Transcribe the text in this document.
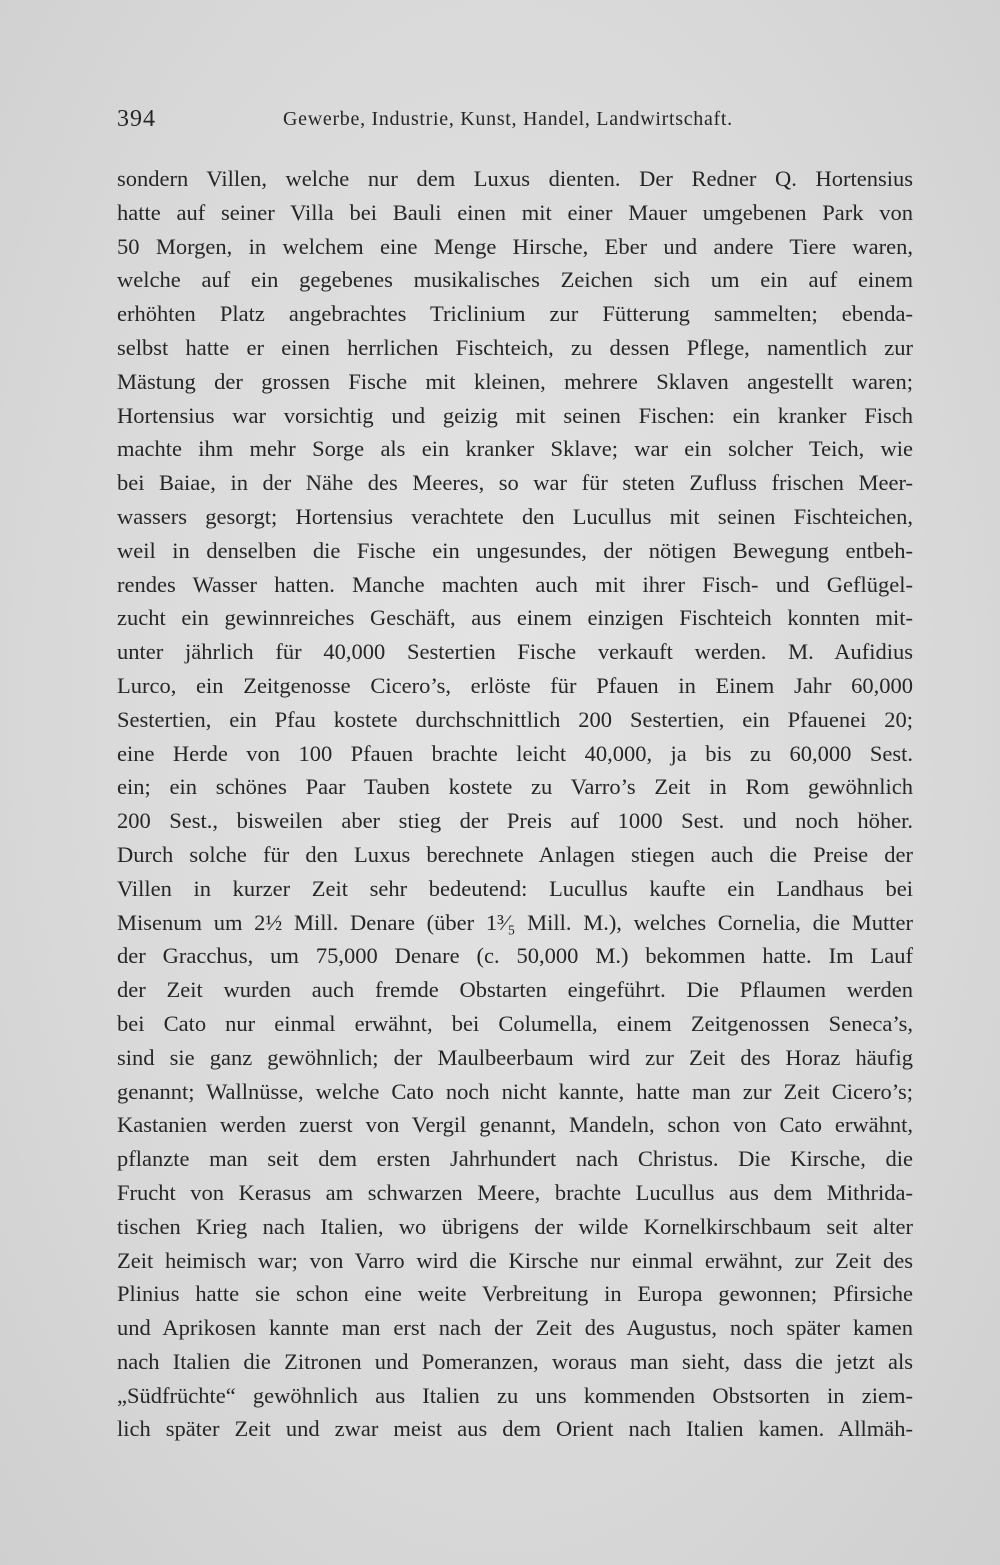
394	Gewerbe, Industrie, Kunst, Handel, Landwirtschaft.
sondern Villen, welche nur dem Luxus dienten. Der Redner Q. Hortensius
hatte auf seiner Villa bei Bauli einen mit einer Mauer umgebenen Park von
50 Morgen, in welchem eine Menge Hirsche, Eber und andere Tiere waren,
welche auf ein gegebenes musikalisches Zeichen sich um ein auf einem
erhöhten Platz angebrachtes Triclinium zur Fütterung sammelten; ebenda-
selbst hatte er einen herrlichen Fischteich, zu dessen Pflege, namentlich zur
Mästung der grossen Fische mit kleinen, mehrere Sklaven angestellt waren;
Hortensius war vorsichtig und geizig mit seinen Fischen: ein kranker Fisch
machte ihm mehr Sorge als ein kranker Sklave; war ein solcher Teich, wie
bei Baiae, in der Nähe des Meeres, so war für steten Zufluss frischen Meer-
wassers gesorgt; Hortensius verachtete den Lucullus mit seinen Fischteichen,
weil in denselben die Fische ein ungesundes, der nötigen Bewegung entbeh-
rendes Wasser hatten. Manche machten auch mit ihrer Fisch- und Geflügel-
zucht ein gewinnreiches Geschäft, aus einem einzigen Fischteich konnten mit-
unter jährlich für 40,000 Sestertien Fische verkauft werden. M. Aufidius
Lurco, ein Zeitgenosse Cicero’s, erlöste für Pfauen in Einem Jahr 60,000
Sestertien, ein Pfau kostete durchschnittlich 200 Sestertien, ein Pfauenei 20;
eine Herde von 100 Pfauen brachte leicht 40,000, ja bis zu 60,000 Sest.
ein; ein schönes Paar Tauben kostete zu Varro’s Zeit in Rom gewöhnlich
200 Sest., bisweilen aber stieg der Preis auf 1000 Sest. und noch höher.
Durch solche für den Luxus berechnete Anlagen stiegen auch die Preise der
Villen in kurzer Zeit sehr bedeutend: Lucullus kaufte ein Landhaus bei
Misenum um 2½ Mill. Denare (über 1³⁄₅ Mill. M.), welches Cornelia, die Mutter
der Gracchus, um 75,000 Denare (c. 50,000 M.) bekommen hatte. Im Lauf
der Zeit wurden auch fremde Obstarten eingeführt. Die Pflaumen werden
bei Cato nur einmal erwähnt, bei Columella, einem Zeitgenossen Seneca’s,
sind sie ganz gewöhnlich; der Maulbeerbaum wird zur Zeit des Horaz häufig
genannt; Wallnüsse, welche Cato noch nicht kannte, hatte man zur Zeit Cicero’s;
Kastanien werden zuerst von Vergil genannt, Mandeln, schon von Cato erwähnt,
pflanzte man seit dem ersten Jahrhundert nach Christus. Die Kirsche, die
Frucht von Kerasus am schwarzen Meere, brachte Lucullus aus dem Mithrida-
tischen Krieg nach Italien, wo übrigens der wilde Kornelkirschbaum seit alter
Zeit heimisch war; von Varro wird die Kirsche nur einmal erwähnt, zur Zeit des
Plinius hatte sie schon eine weite Verbreitung in Europa gewonnen; Pfirsiche
und Aprikosen kannte man erst nach der Zeit des Augustus, noch später kamen
nach Italien die Zitronen und Pomeranzen, woraus man sieht, dass die jetzt als
„Südfrüchte“ gewöhnlich aus Italien zu uns kommenden Obstsorten in ziem-
lich später Zeit und zwar meist aus dem Orient nach Italien kamen. Allmäh-
